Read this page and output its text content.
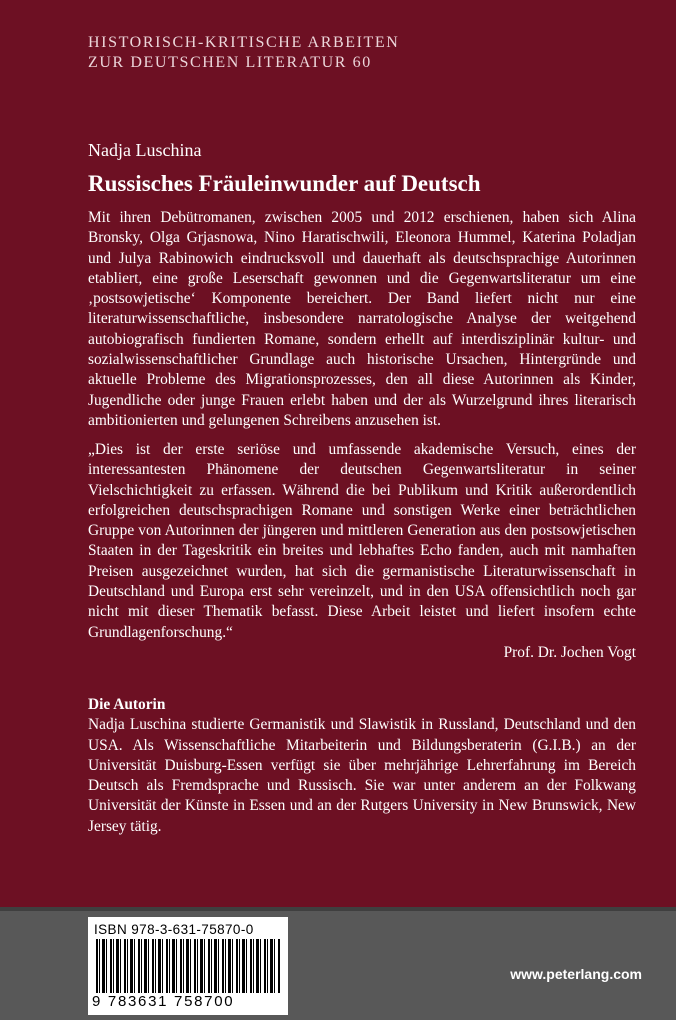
HISTORISCH-KRITISCHE ARBEITEN
ZUR DEUTSCHEN LITERATUR 60
Nadja Luschina
Russisches Fräuleinwunder auf Deutsch

Mit ihren Debütromanen, zwischen 2005 und 2012 erschienen, haben sich Alina Bronsky, Olga Grjasnowa, Nino Haratischwili, Eleonora Hummel, Katerina Poladjan und Julya Rabinowich eindrucksvoll und dauerhaft als deutschsprachige Autorinnen etabliert, eine große Leserschaft gewonnen und die Gegenwartsliteratur um eine ‚postsowjetische‘ Komponente bereichert. Der Band liefert nicht nur eine literaturwissenschaftliche, insbesondere narratologische Analyse der weitgehend autobiografisch fundierten Romane, sondern erhellt auf interdisziplinär kultur- und sozialwissenschaftlicher Grundlage auch historische Ursachen, Hintergründe und aktuelle Probleme des Migrationsprozesses, den all diese Autorinnen als Kinder, Jugendliche oder junge Frauen erlebt haben und der als Wurzelgrund ihres literarisch ambitionierten und gelungenen Schreibens anzusehen ist.

„Dies ist der erste seriöse und umfassende akademische Versuch, eines der interessantesten Phänomene der deutschen Gegenwartsliteratur in seiner Vielschichtigkeit zu erfassen. Während die bei Publikum und Kritik außerordentlich erfolgreichen deutschsprachigen Romane und sonstigen Werke einer beträchtlichen Gruppe von Autorinnen der jüngeren und mittleren Generation aus den postsowjetischen Staaten in der Tageskritik ein breites und lebhaftes Echo fanden, auch mit namhaften Preisen ausgezeichnet wurden, hat sich die germanistische Literaturwissenschaft in Deutschland und Europa erst sehr vereinzelt, und in den USA offensichtlich noch gar nicht mit dieser Thematik befasst. Diese Arbeit leistet und liefert insofern echte Grundlagenforschung.“

Prof. Dr. Jochen Vogt
Die Autorin

Nadja Luschina studierte Germanistik und Slawistik in Russland, Deutschland und den USA. Als Wissenschaftliche Mitarbeiterin und Bildungsberaterin (G.I.B.) an der Universität Duisburg-Essen verfügt sie über mehrjährige Lehrerfahrung im Bereich Deutsch als Fremdsprache und Russisch. Sie war unter anderem an der Folkwang Universität der Künste in Essen und an der Rutgers University in New Brunswick, New Jersey tätig.

ISBN 978-3-631-75870-0
9 783631 758700
www.peterlang.com
